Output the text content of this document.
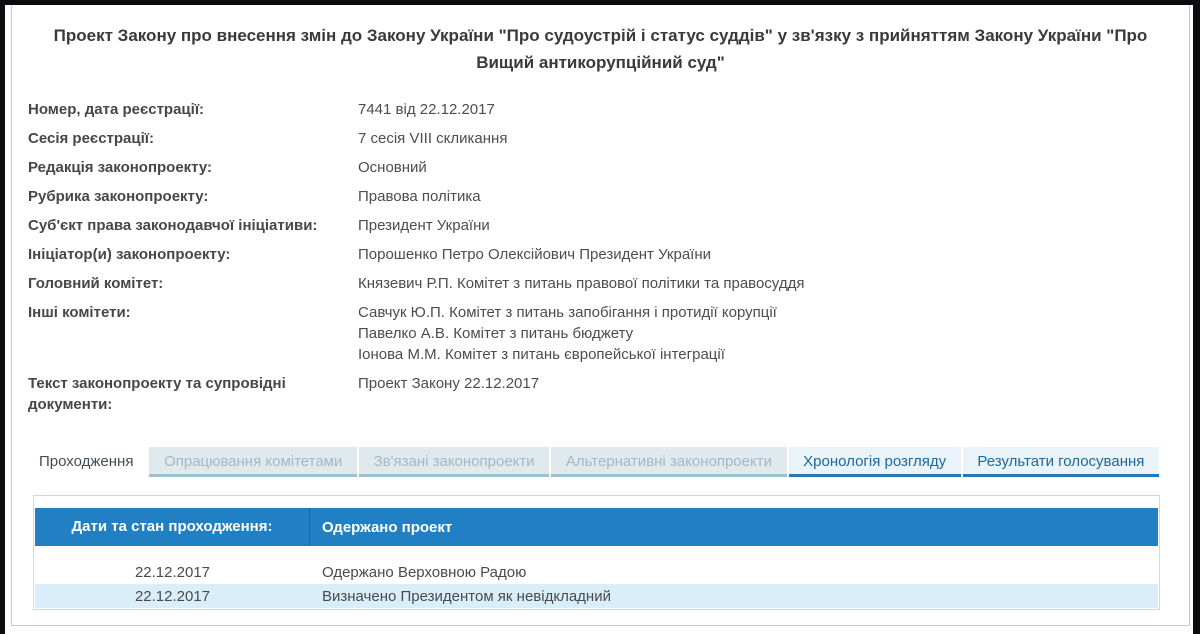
Проект Закону про внесення змін до Закону України "Про судоустрій і статус суддів" у зв'язку з прийняттям Закону України "Про Вищий антикорупційний суд"
Номер, дата реєстрації:	7441 від 22.12.2017
Сесія реєстрації:	7 сесія VIII скликання
Редакція законопроекту:	Основний
Рубрика законопроекту:	Правова політика
Суб'єкт права законодавчої ініціативи:	Президент України
Ініціатор(и) законопроекту:	Порошенко Петро Олексійович Президент України
Головний комітет:	Князевич Р.П. Комітет з питань правової політики та правосуддя
Інші комітети:	Савчук Ю.П. Комітет з питань запобігання і протидії корупції
Павелко А.В. Комітет з питань бюджету
Іонова М.М. Комітет з питань європейської інтеграції
Текст законопроекту та супровідні документи:
Проект Закону 22.12.2017
Проходження	Опрацювання комітетами	Зв'язані законопроекти	Альтернативні законопроекти	Хронологія розгляду	Результати голосування
Дати та стан проходження:	Одержано проект
22.12.2017	Одержано Верховною Радою
22.12.2017	Визначено Президентом як невідкладний
